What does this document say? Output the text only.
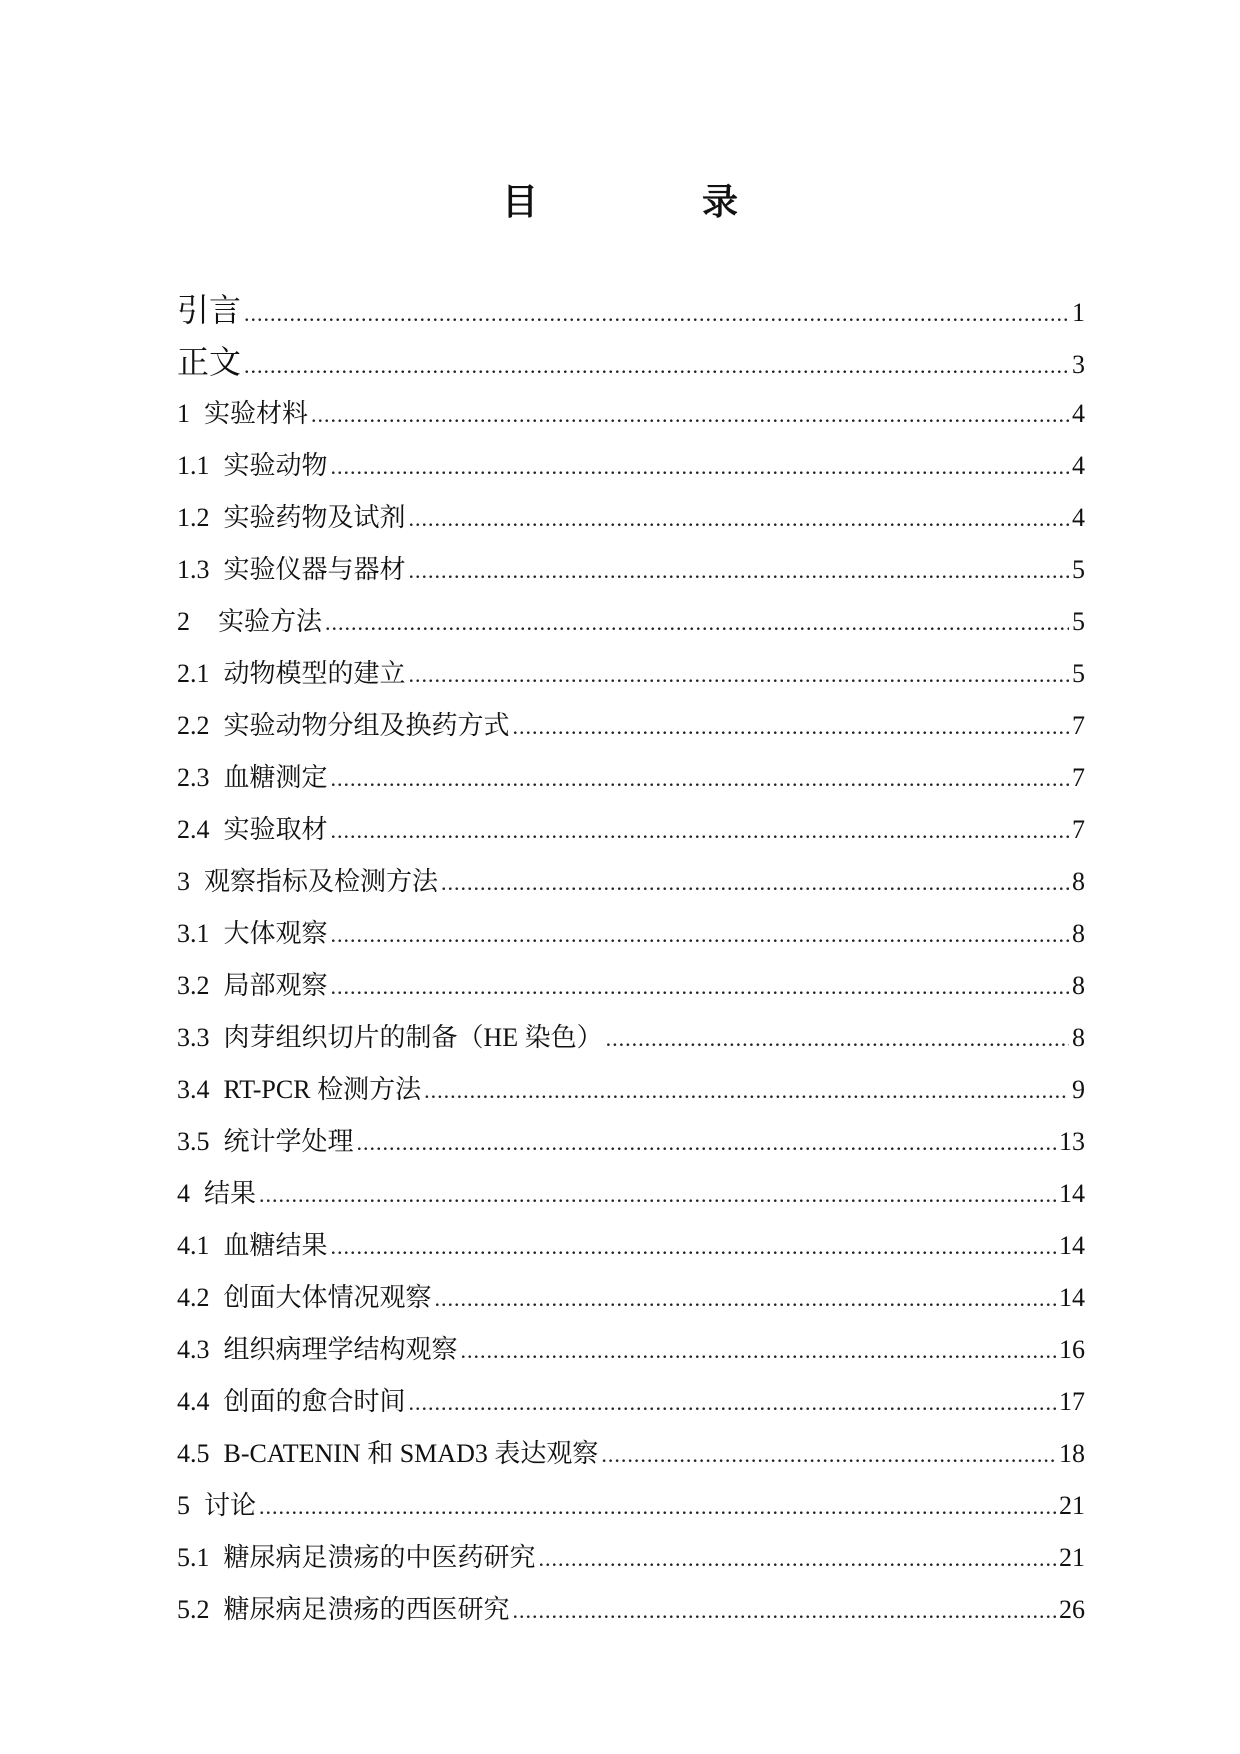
目　录
引言 .....	1
正文 .....	3
1 实验材料 .....	4
1.1 实验动物 .....	4
1.2 实验药物及试剂 .....	4
1.3 实验仪器与器材 .....	5
2 实验方法 .....	5
2.1 动物模型的建立 .....	5
2.2 实验动物分组及换药方式 .....	7
2.3 血糖测定 .....	7
2.4 实验取材 .....	7
3 观察指标及检测方法 .....	8
3.1 大体观察 .....	8
3.2 局部观察 .....	8
3.3 肉芽组织切片的制备（HE 染色） .....	8
3.4 RT-PCR 检测方法 .....	9
3.5 统计学处理 .....	13
4 结果 .....	14
4.1 血糖结果 .....	14
4.2 创面大体情况观察 .....	14
4.3 组织病理学结构观察 .....	16
4.4 创面的愈合时间 .....	17
4.5 B-CATENIN 和 SMAD3 表达观察 .....	18
5 讨论 .....	21
5.1 糖尿病足溃疡的中医药研究 .....	21
5.2 糖尿病足溃疡的西医研究 .....	26
